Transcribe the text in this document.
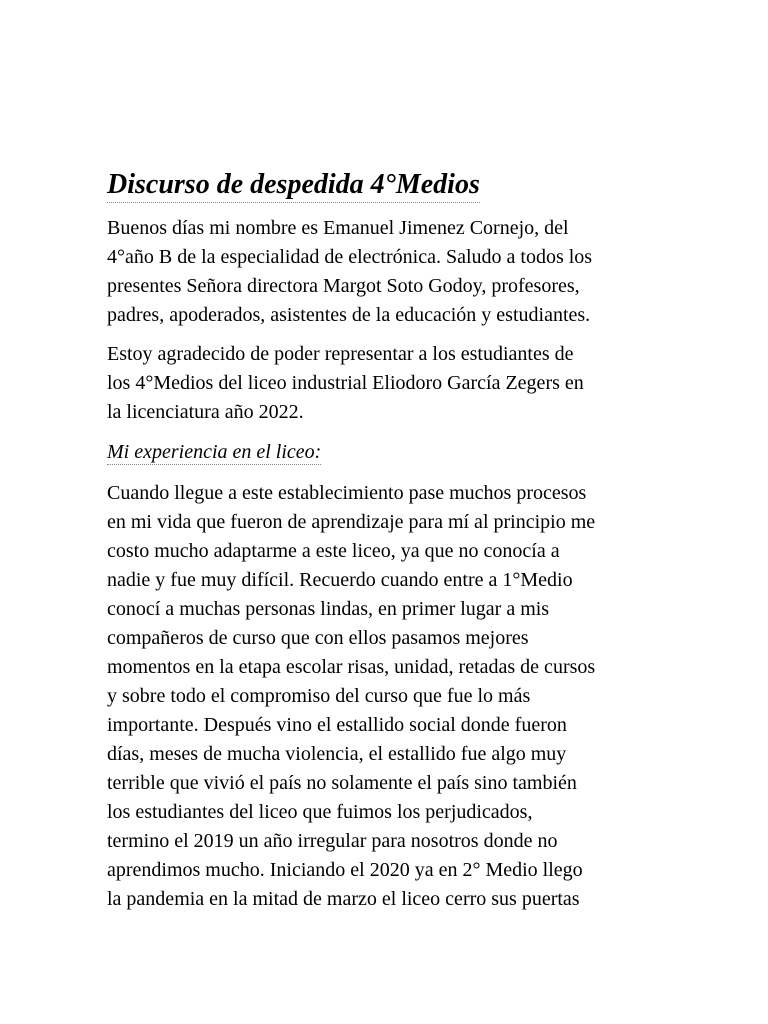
Discurso de despedida 4°Medios

Buenos días mi nombre es Emanuel Jimenez Cornejo, del
4°año B de la especialidad de electrónica. Saludo a todos los
presentes Señora directora Margot Soto Godoy, profesores,
padres, apoderados, asistentes de la educación y estudiantes.

Estoy agradecido de poder representar a los estudiantes de
los 4°Medios del liceo industrial Eliodoro García Zegers en
la licenciatura año 2022.

Mi experiencia en el liceo:

Cuando llegue a este establecimiento pase muchos procesos
en mi vida que fueron de aprendizaje para mí al principio me
costo mucho adaptarme a este liceo, ya que no conocía a
nadie y fue muy difícil. Recuerdo cuando entre a 1°Medio
conocí a muchas personas lindas, en primer lugar a mis
compañeros de curso que con ellos pasamos mejores
momentos en la etapa escolar risas, unidad, retadas de cursos
y sobre todo el compromiso del curso que fue lo más
importante. Después vino el estallido social donde fueron
días, meses de mucha violencia, el estallido fue algo muy
terrible que vivió el país no solamente el país sino también
los estudiantes del liceo que fuimos los perjudicados,
termino el 2019 un año irregular para nosotros donde no
aprendimos mucho. Iniciando el 2020 ya en 2° Medio llego
la pandemia en la mitad de marzo el liceo cerro sus puertas
